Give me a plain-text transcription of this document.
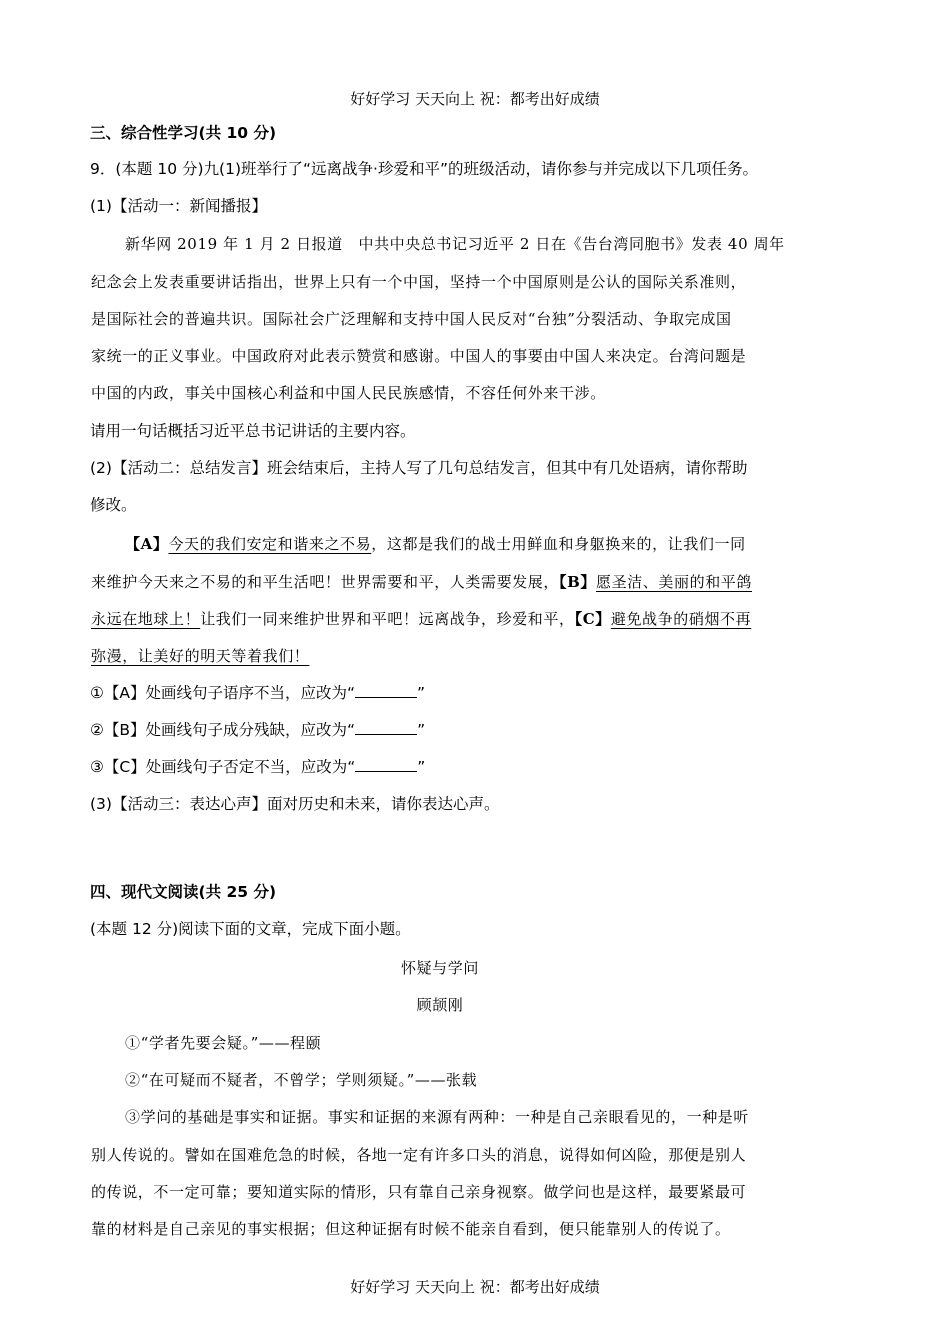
好好学习 天天向上 祝：都考出好成绩
三、综合性学习(共 10 分)
9．(本题 10 分)九(1)班举行了“远离战争·珍爱和平”的班级活动，请你参与并完成以下几项任务。
(1)【活动一：新闻播报】
新华网 2019 年 1 月 2 日报道　中共中央总书记习近平 2 日在《告台湾同胞书》发表 40 周年
纪念会上发表重要讲话指出，世界上只有一个中国，坚持一个中国原则是公认的国际关系准则，
是国际社会的普遍共识。国际社会广泛理解和支持中国人民反对“台独”分裂活动、争取完成国
家统一的正义事业。中国政府对此表示赞赏和感谢。中国人的事要由中国人来决定。台湾问题是
中国的内政，事关中国核心利益和中国人民民族感情，不容任何外来干涉。
请用一句话概括习近平总书记讲话的主要内容。
(2)【活动二：总结发言】班会结束后，主持人写了几句总结发言，但其中有几处语病，请你帮助
修改。
【A】今天的我们安定和谐来之不易，这都是我们的战士用鲜血和身躯换来的，让我们一同
来维护今天来之不易的和平生活吧！世界需要和平，人类需要发展，【B】愿圣洁、美丽的和平鸽
永远在地球上！让我们一同来维护世界和平吧！远离战争，珍爱和平，【C】避免战争的硝烟不再
弥漫，让美好的明天等着我们！
①【A】处画线句子语序不当，应改为“	”
②【B】处画线句子成分残缺，应改为“	”
③【C】处画线句子否定不当，应改为“	”
(3)【活动三：表达心声】面对历史和未来，请你表达心声。
四、现代文阅读(共 25 分)
(本题 12 分)阅读下面的文章，完成下面小题。
怀疑与学问
顾颉刚
①“学者先要会疑。”——程颐
②“在可疑而不疑者，不曾学；学则须疑。”——张载
③学问的基础是事实和证据。事实和证据的来源有两种：一种是自己亲眼看见的，一种是听
别人传说的。譬如在国难危急的时候，各地一定有许多口头的消息，说得如何凶险，那便是别人
的传说，不一定可靠；要知道实际的情形，只有靠自己亲身视察。做学问也是这样，最要紧最可
靠的材料是自己亲见的事实根据；但这种证据有时候不能亲自看到，便只能靠别人的传说了。
好好学习 天天向上 祝：都考出好成绩
